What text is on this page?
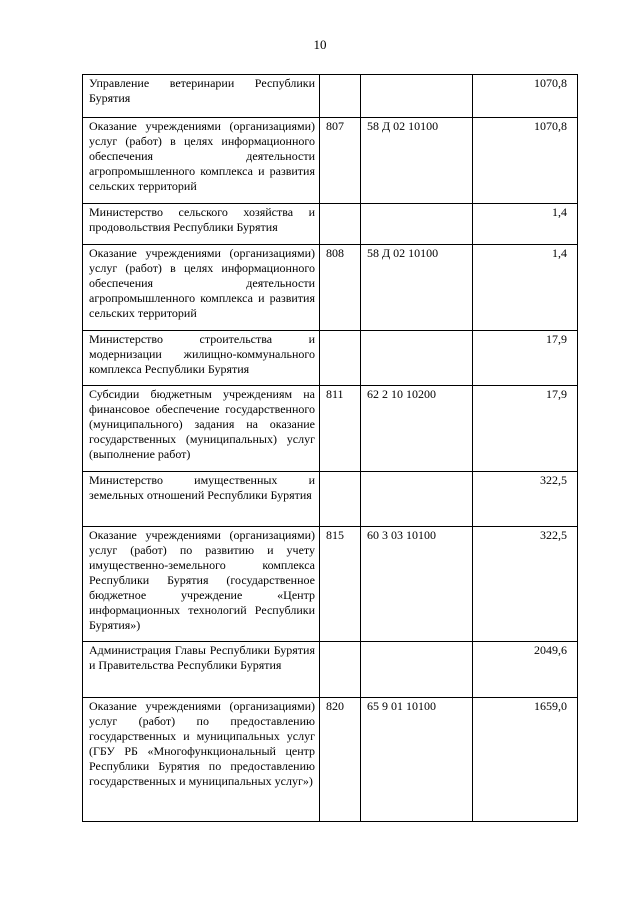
10
Управление ветеринарии Республики Бурятия			1070,8
Оказание учреждениями (организациями) услуг (работ) в целях информационного обеспечения деятельности агропромышленного комплекса и развития сельских территорий	807	58 Д 02 10100	1070,8
Министерство сельского хозяйства и продовольствия Республики Бурятия			1,4
Оказание учреждениями (организациями) услуг (работ) в целях информационного обеспечения деятельности агропромышленного комплекса и развития сельских территорий	808	58 Д 02 10100	1,4
Министерство строительства и модернизации жилищно-коммунального комплекса Республики Бурятия			17,9
Субсидии бюджетным учреждениям на финансовое обеспечение государственного (муниципального) задания на оказание государственных (муниципальных) услуг (выполнение работ)	811	62 2 10 10200	17,9
Министерство имущественных и земельных отношений Республики Бурятия			322,5
Оказание учреждениями (организациями) услуг (работ) по развитию и учету имущественно-земельного комплекса Республики Бурятия (государственное бюджетное учреждение «Центр информационных технологий Республики Бурятия»)	815	60 3 03 10100	322,5
Администрация Главы Республики Бурятия и Правительства Республики Бурятия			2049,6
Оказание учреждениями (организациями) услуг (работ) по предоставлению государственных и муниципальных услуг (ГБУ РБ «Многофункциональный центр Республики Бурятия по предоставлению государственных и муниципальных услуг»)	820	65 9 01 10100	1659,0
